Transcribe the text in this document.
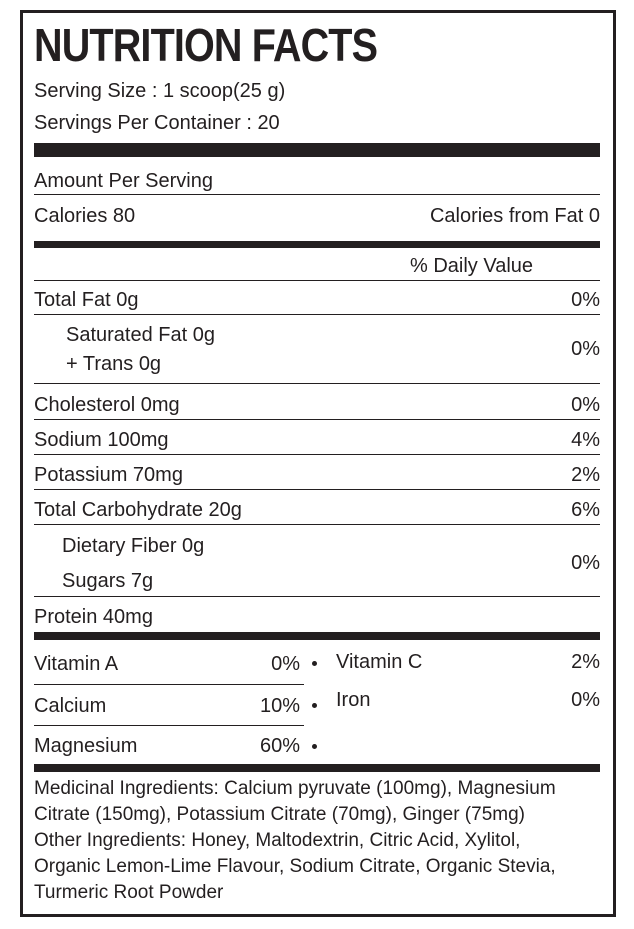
NUTRITION FACTS
Serving Size : 1 scoop(25 g)
Servings Per Container : 20
Amount Per Serving
Calories 80	Calories from Fat 0
% Daily Value
Total Fat 0g	0%
Saturated Fat 0g
+ Trans 0g
0%
Cholesterol 0mg	0%
Sodium 100mg	4%
Potassium 70mg	2%
Total Carbohydrate 20g	6%
Dietary Fiber 0g
Sugars 7g
0%
Protein 40mg
Vitamin A	0% Vitamin C	2%
Calcium	10% Iron	0%
Magnesium	60%
Medicinal Ingredients: Calcium pyruvate (100mg), Magnesium
Citrate (150mg), Potassium Citrate (70mg), Ginger (75mg)
Other Ingredients: Honey, Maltodextrin, Citric Acid, Xylitol,
Organic Lemon-Lime Flavour, Sodium Citrate, Organic Stevia,
Turmeric Root Powder
